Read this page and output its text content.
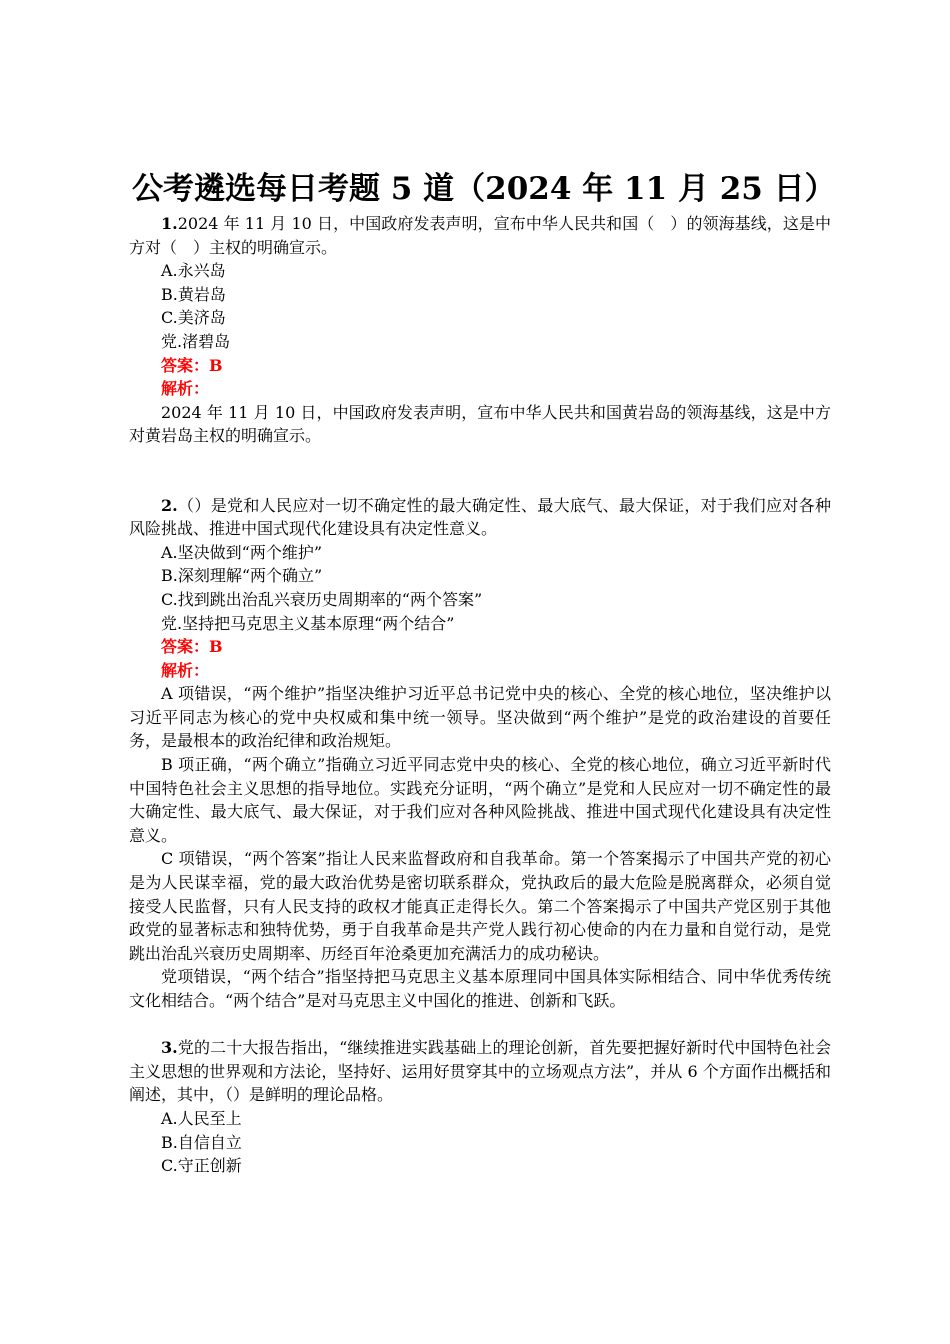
公考遴选每日考题 5 道（2024 年 11 月 25 日）

1.2024 年 11 月 10 日，中国政府发表声明，宣布中华人民共和国（　）的领海基线，这是中方对（　）主权的明确宣示。

A.永兴岛

B.黄岩岛

C.美济岛

党.渚碧岛

答案：B

解析：

2024 年 11 月 10 日，中国政府发表声明，宣布中华人民共和国黄岩岛的领海基线，这是中方对黄岩岛主权的明确宣示。

2.（）是党和人民应对一切不确定性的最大确定性、最大底气、最大保证，对于我们应对各种风险挑战、推进中国式现代化建设具有决定性意义。

A.坚决做到“两个维护”

B.深刻理解“两个确立”

C.找到跳出治乱兴衰历史周期率的“两个答案”

党.坚持把马克思主义基本原理“两个结合”

答案：B

解析：

A 项错误，“两个维护”指坚决维护习近平总书记党中央的核心、全党的核心地位，坚决维护以习近平同志为核心的党中央权威和集中统一领导。坚决做到“两个维护”是党的政治建设的首要任务，是最根本的政治纪律和政治规矩。

B 项正确，“两个确立”指确立习近平同志党中央的核心、全党的核心地位，确立习近平新时代中国特色社会主义思想的指导地位。实践充分证明，“两个确立”是党和人民应对一切不确定性的最大确定性、最大底气、最大保证，对于我们应对各种风险挑战、推进中国式现代化建设具有决定性意义。

C 项错误，“两个答案”指让人民来监督政府和自我革命。第一个答案揭示了中国共产党的初心是为人民谋幸福，党的最大政治优势是密切联系群众，党执政后的最大危险是脱离群众，必须自觉接受人民监督，只有人民支持的政权才能真正走得长久。第二个答案揭示了中国共产党区别于其他政党的显著标志和独特优势，勇于自我革命是共产党人践行初心使命的内在力量和自觉行动，是党跳出治乱兴衰历史周期率、历经百年沧桑更加充满活力的成功秘诀。

党项错误，“两个结合”指坚持把马克思主义基本原理同中国具体实际相结合、同中华优秀传统文化相结合。“两个结合”是对马克思主义中国化的推进、创新和飞跃。

3.党的二十大报告指出，“继续推进实践基础上的理论创新，首先要把握好新时代中国特色社会主义思想的世界观和方法论，坚持好、运用好贯穿其中的立场观点方法”，并从 6 个方面作出概括和阐述，其中，（）是鲜明的理论品格。

A.人民至上

B.自信自立

C.守正创新
